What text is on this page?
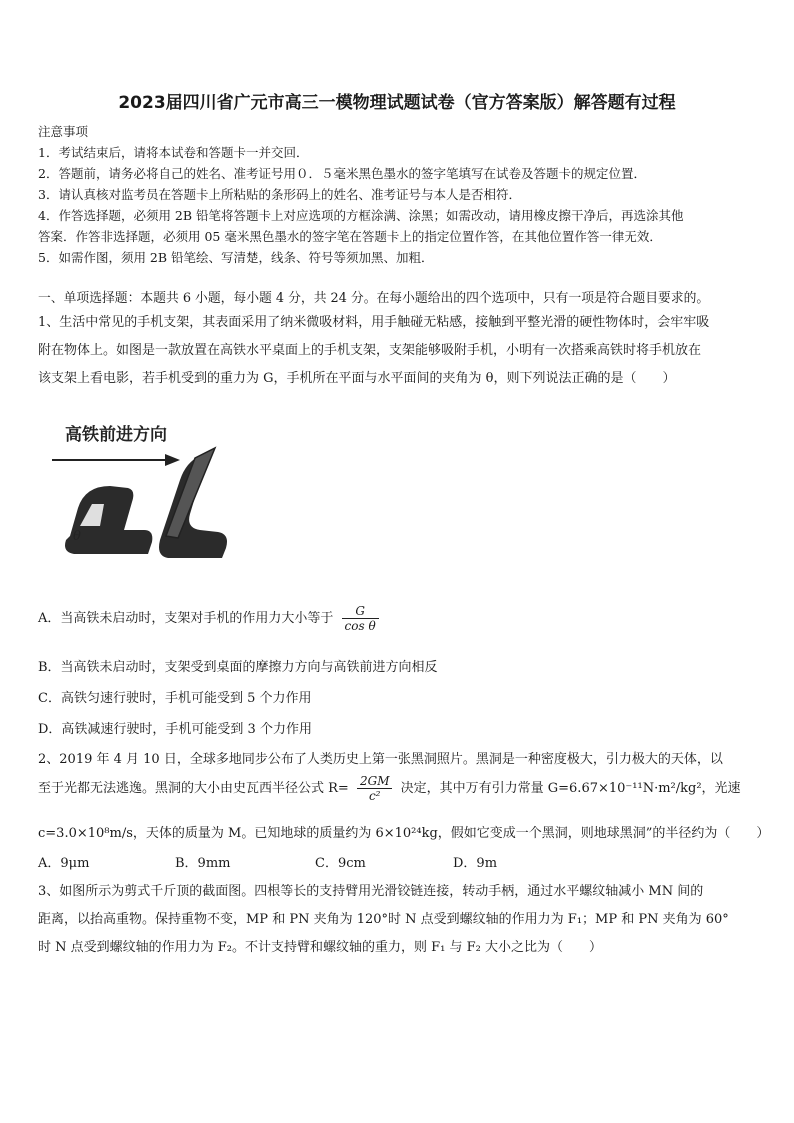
2023届四川省广元市高三一模物理试题试卷（官方答案版）解答题有过程
注意事项
1．考试结束后，请将本试卷和答题卡一并交回．
2．答题前，请务必将自己的姓名、准考证号用０．５毫米黑色墨水的签字笔填写在试卷及答题卡的规定位置．
3．请认真核对监考员在答题卡上所粘贴的条形码上的姓名、准考证号与本人是否相符．
4．作答选择题，必须用 2B 铅笔将答题卡上对应选项的方框涂满、涂黑；如需改动，请用橡皮擦干净后，再选涂其他
答案．作答非选择题，必须用 05 毫米黑色墨水的签字笔在答题卡上的指定位置作答，在其他位置作答一律无效．
5．如需作图，须用 2B 铅笔绘、写清楚，线条、符号等须加黑、加粗．
一、单项选择题：本题共 6 小题，每小题 4 分，共 24 分。在每小题给出的四个选项中，只有一项是符合题目要求的。
1、生活中常见的手机支架，其表面采用了纳米微吸材料，用手触碰无粘感，接触到平整光滑的硬性物体时，会牢牢吸
附在物体上。如图是一款放置在高铁水平桌面上的手机支架，支架能够吸附手机，小明有一次搭乘高铁时将手机放在
该支架上看电影，若手机受到的重力为 G，手机所在平面与水平面间的夹角为 θ，则下列说法正确的是（　　）
高铁前进方向
θ
A．当高铁未启动时，支架对手机的作用力大小等于 $\frac{G}{\text{cos θ}}$
B．当高铁未启动时，支架受到桌面的摩擦力方向与高铁前进方向相反
C．高铁匀速行驶时，手机可能受到 5 个力作用
D．高铁减速行驶时，手机可能受到 3 个力作用
2、2019 年 4 月 10 日，全球多地同步公布了人类历史上第一张黑洞照片。黑洞是一种密度极大，引力极大的天体，以
至于光都无法逃逸。黑洞的大小由史瓦西半径公式 $R= \frac{2GM}{\text{c²}}$ 决定，其中万有引力常量 G=6.67×10⁻¹¹N·m²/kg²，光速
c=3.0×10⁸m/s，天体的质量为 M。已知地球的质量约为 6×10²⁴kg，假如它变成一个黑洞，则地球黑洞”的半径约为（　　）
A．9μm	B．9mm	C．9cm	D．9m
3、如图所示为剪式千斤顶的截面图。四根等长的支持臂用光滑铰链连接，转动手柄，通过水平螺纹轴减小 MN 间的
距离，以抬高重物。保持重物不变，MP 和 PN 夹角为 120°时 N 点受到螺纹轴的作用力为 F₁；MP 和 PN 夹角为 60°
时 N 点受到螺纹轴的作用力为 F₂。不计支持臂和螺纹轴的重力，则 F₁ 与 F₂ 大小之比为（　　）
